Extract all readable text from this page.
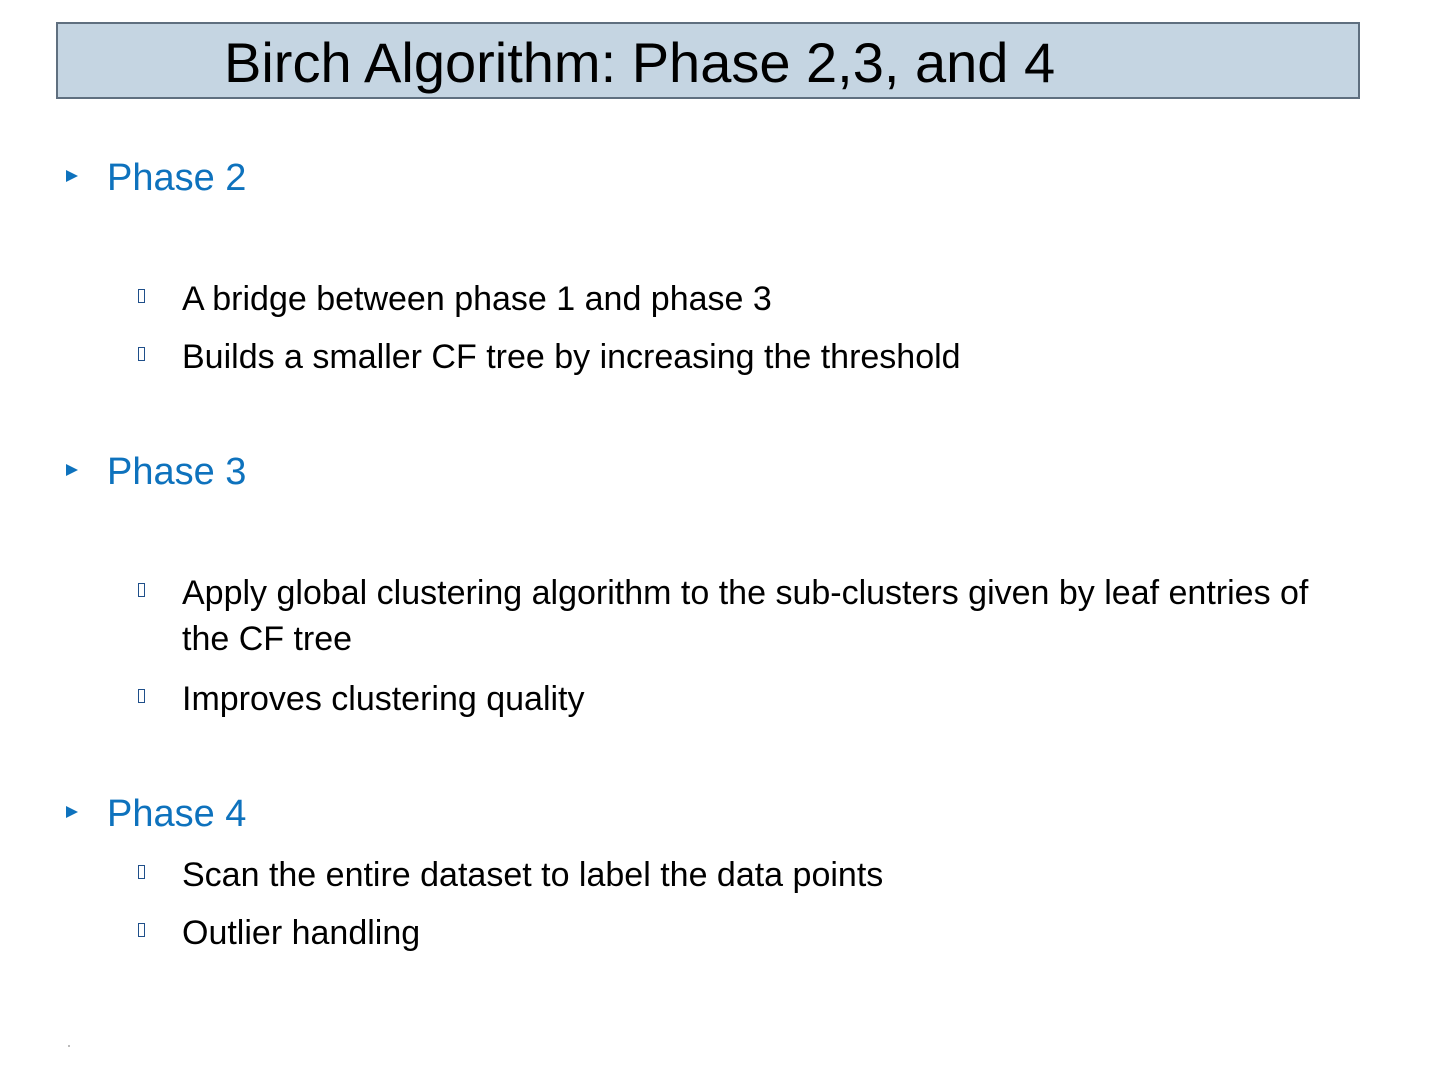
Birch Algorithm: Phase 2,3, and 4
Phase 2
A bridge between phase 1 and phase 3
Builds a smaller CF tree by increasing the threshold
Phase 3
Apply global clustering algorithm to the sub-clusters given by leaf entries of the CF tree
Improves clustering quality
Phase 4
Scan the entire dataset to label the data points
Outlier handling
